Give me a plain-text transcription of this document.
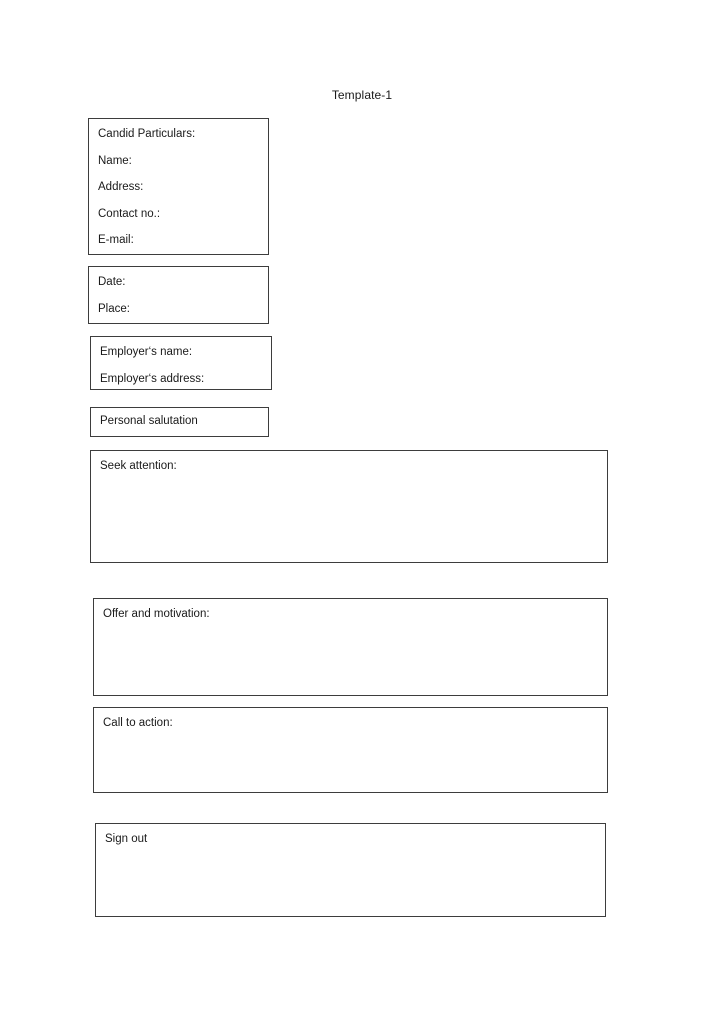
Template-1

Candid Particulars:

Name:

Address:

Contact no.:

E-mail:

Date:

Place:

Employer‘s name:

Employer‘s address:

Personal salutation

Seek attention:

Offer and motivation:

Call to action:

Sign out
